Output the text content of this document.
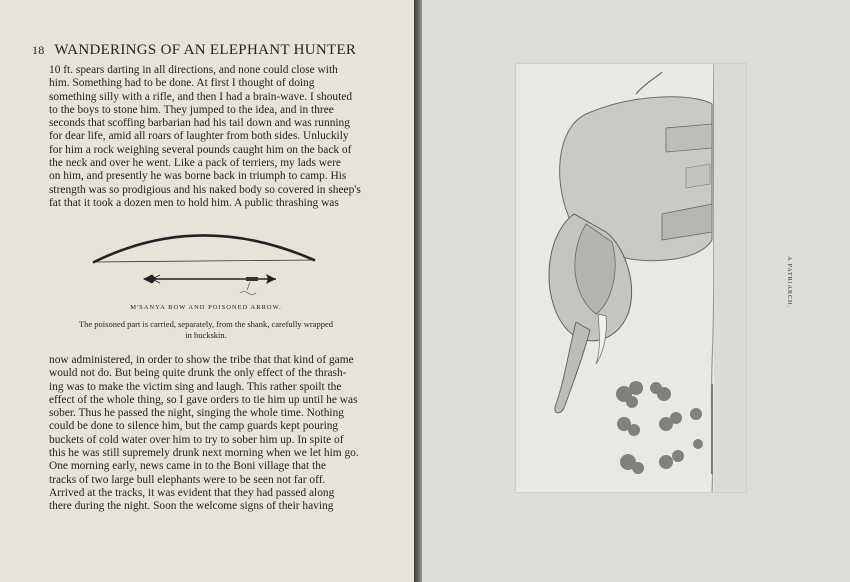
18 WANDERINGS OF AN ELEPHANT HUNTER
10 ft. spears darting in all directions, and none could close with
him. Something had to be done. At first I thought of doing
something silly with a rifle, and then I had a brain-wave. I shouted
to the boys to stone him. They jumped to the idea, and in three
seconds that scoffing barbarian had his tail down and was running
for dear life, amid all roars of laughter from both sides. Unluckily
for him a rock weighing several pounds caught him on the back of
the neck and over he went. Like a pack of terriers, my lads were
on him, and presently he was borne back in triumph to camp. His
strength was so prodigious and his naked body so covered in sheep's
fat that it took a dozen men to hold him. A public thrashing was
M'SANYA BOW AND POISONED ARROW.
The poisoned part is carried, separately, from the shank, carefully wrapped
in buckskin.
now administered, in order to show the tribe that that kind of game
would not do. But being quite drunk the only effect of the thrash-
ing was to make the victim sing and laugh. This rather spoilt the
effect of the whole thing, so I gave orders to tie him up until he was
sober. Thus he passed the night, singing the whole time. Nothing
could be done to silence him, but the camp guards kept pouring
buckets of cold water over him to try to sober him up. In spite of
this he was still supremely drunk next morning when we let him go.
One morning early, news came in to the Boni village that the
tracks of two large bull elephants were to be seen not far off.
Arrived at the tracks, it was evident that they had passed along
there during the night. Soon the welcome signs of their having
A PATRIARCH.
